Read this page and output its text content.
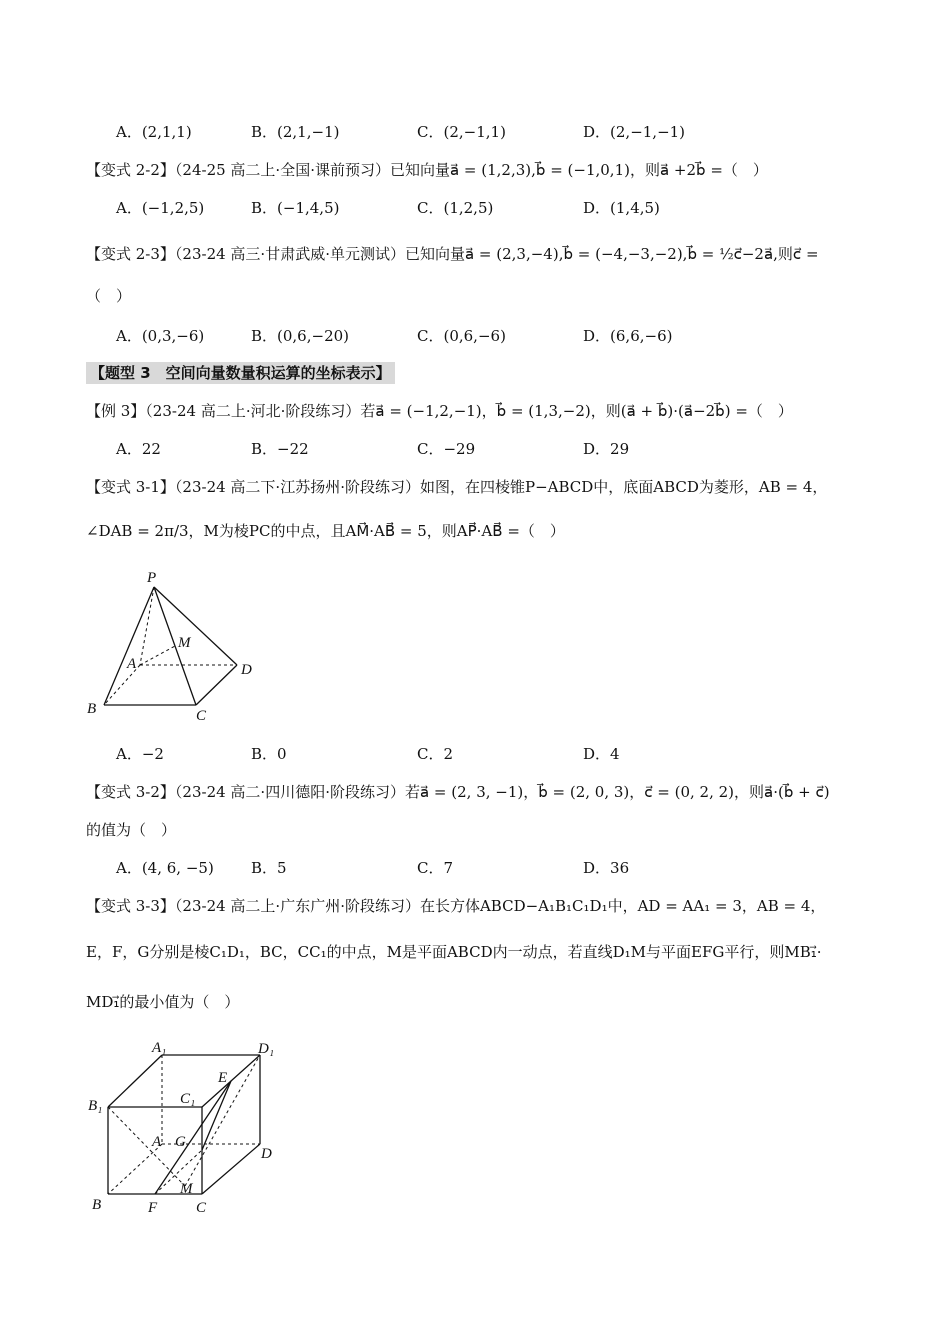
A．(2,1,1)	B．(2,1,−1)	C．(2,−1,1)	D．(2,−1,−1)
【变式 2-2】（24-25 高二上·全国·课前预习）已知向量a⃗ = (1,2,3),b⃗ = (−1,0,1)，则a⃗ +2b⃗ =（　）
A．(−1,2,5)	B．(−1,4,5)	C．(1,2,5)	D．(1,4,5)
【变式 2-3】（23-24 高三·甘肃武威·单元测试）已知向量a⃗ = (2,3,−4),b⃗ = (−4,−3,−2),b⃗ = ½c⃗−2a⃗,则c⃗ =
（　）
A．(0,3,−6)	B．(0,6,−20)	C．(0,6,−6)	D．(6,6,−6)
【题型 3　空间向量数量积运算的坐标表示】
【例 3】（23-24 高二上·河北·阶段练习）若a⃗ = (−1,2,−1)，b⃗ = (1,3,−2)，则(a⃗ + b⃗)·(a⃗−2b⃗) =（　）
A．22	B．−22	C．−29	D．29
【变式 3-1】（23-24 高二下·江苏扬州·阶段练习）如图，在四棱锥P−ABCD中，底面ABCD为菱形，AB = 4，
∠DAB = 2π/3，M为棱PC的中点，且AM⃗·AB⃗ = 5，则AP⃗·AB⃗ =（　）
P
M
A	D
B	C
A．−2	B．0	C．2	D．4
【变式 3-2】（23-24 高二·四川德阳·阶段练习）若a⃗ = (2, 3, −1)，b⃗ = (2, 0, 3)，c⃗ = (0, 2, 2)，则a⃗·(b⃗ + c⃗)
的值为（　）
A．(4, 6, −5) B．5	C．7	D．36
【变式 3-3】（23-24 高二上·广东广州·阶段练习）在长方体ABCD−A₁B₁C₁D₁中，AD = AA₁ = 3，AB = 4，
E，F，G分别是棱C₁D₁，BC，CC₁的中点，M是平面ABCD内一动点，若直线D₁M与平面EFG平行，则MB₁⃗·
MD₁⃗的最小值为（　）
A₁	D₁
E
B₁	C₁
A G
D
M
B	F	C
